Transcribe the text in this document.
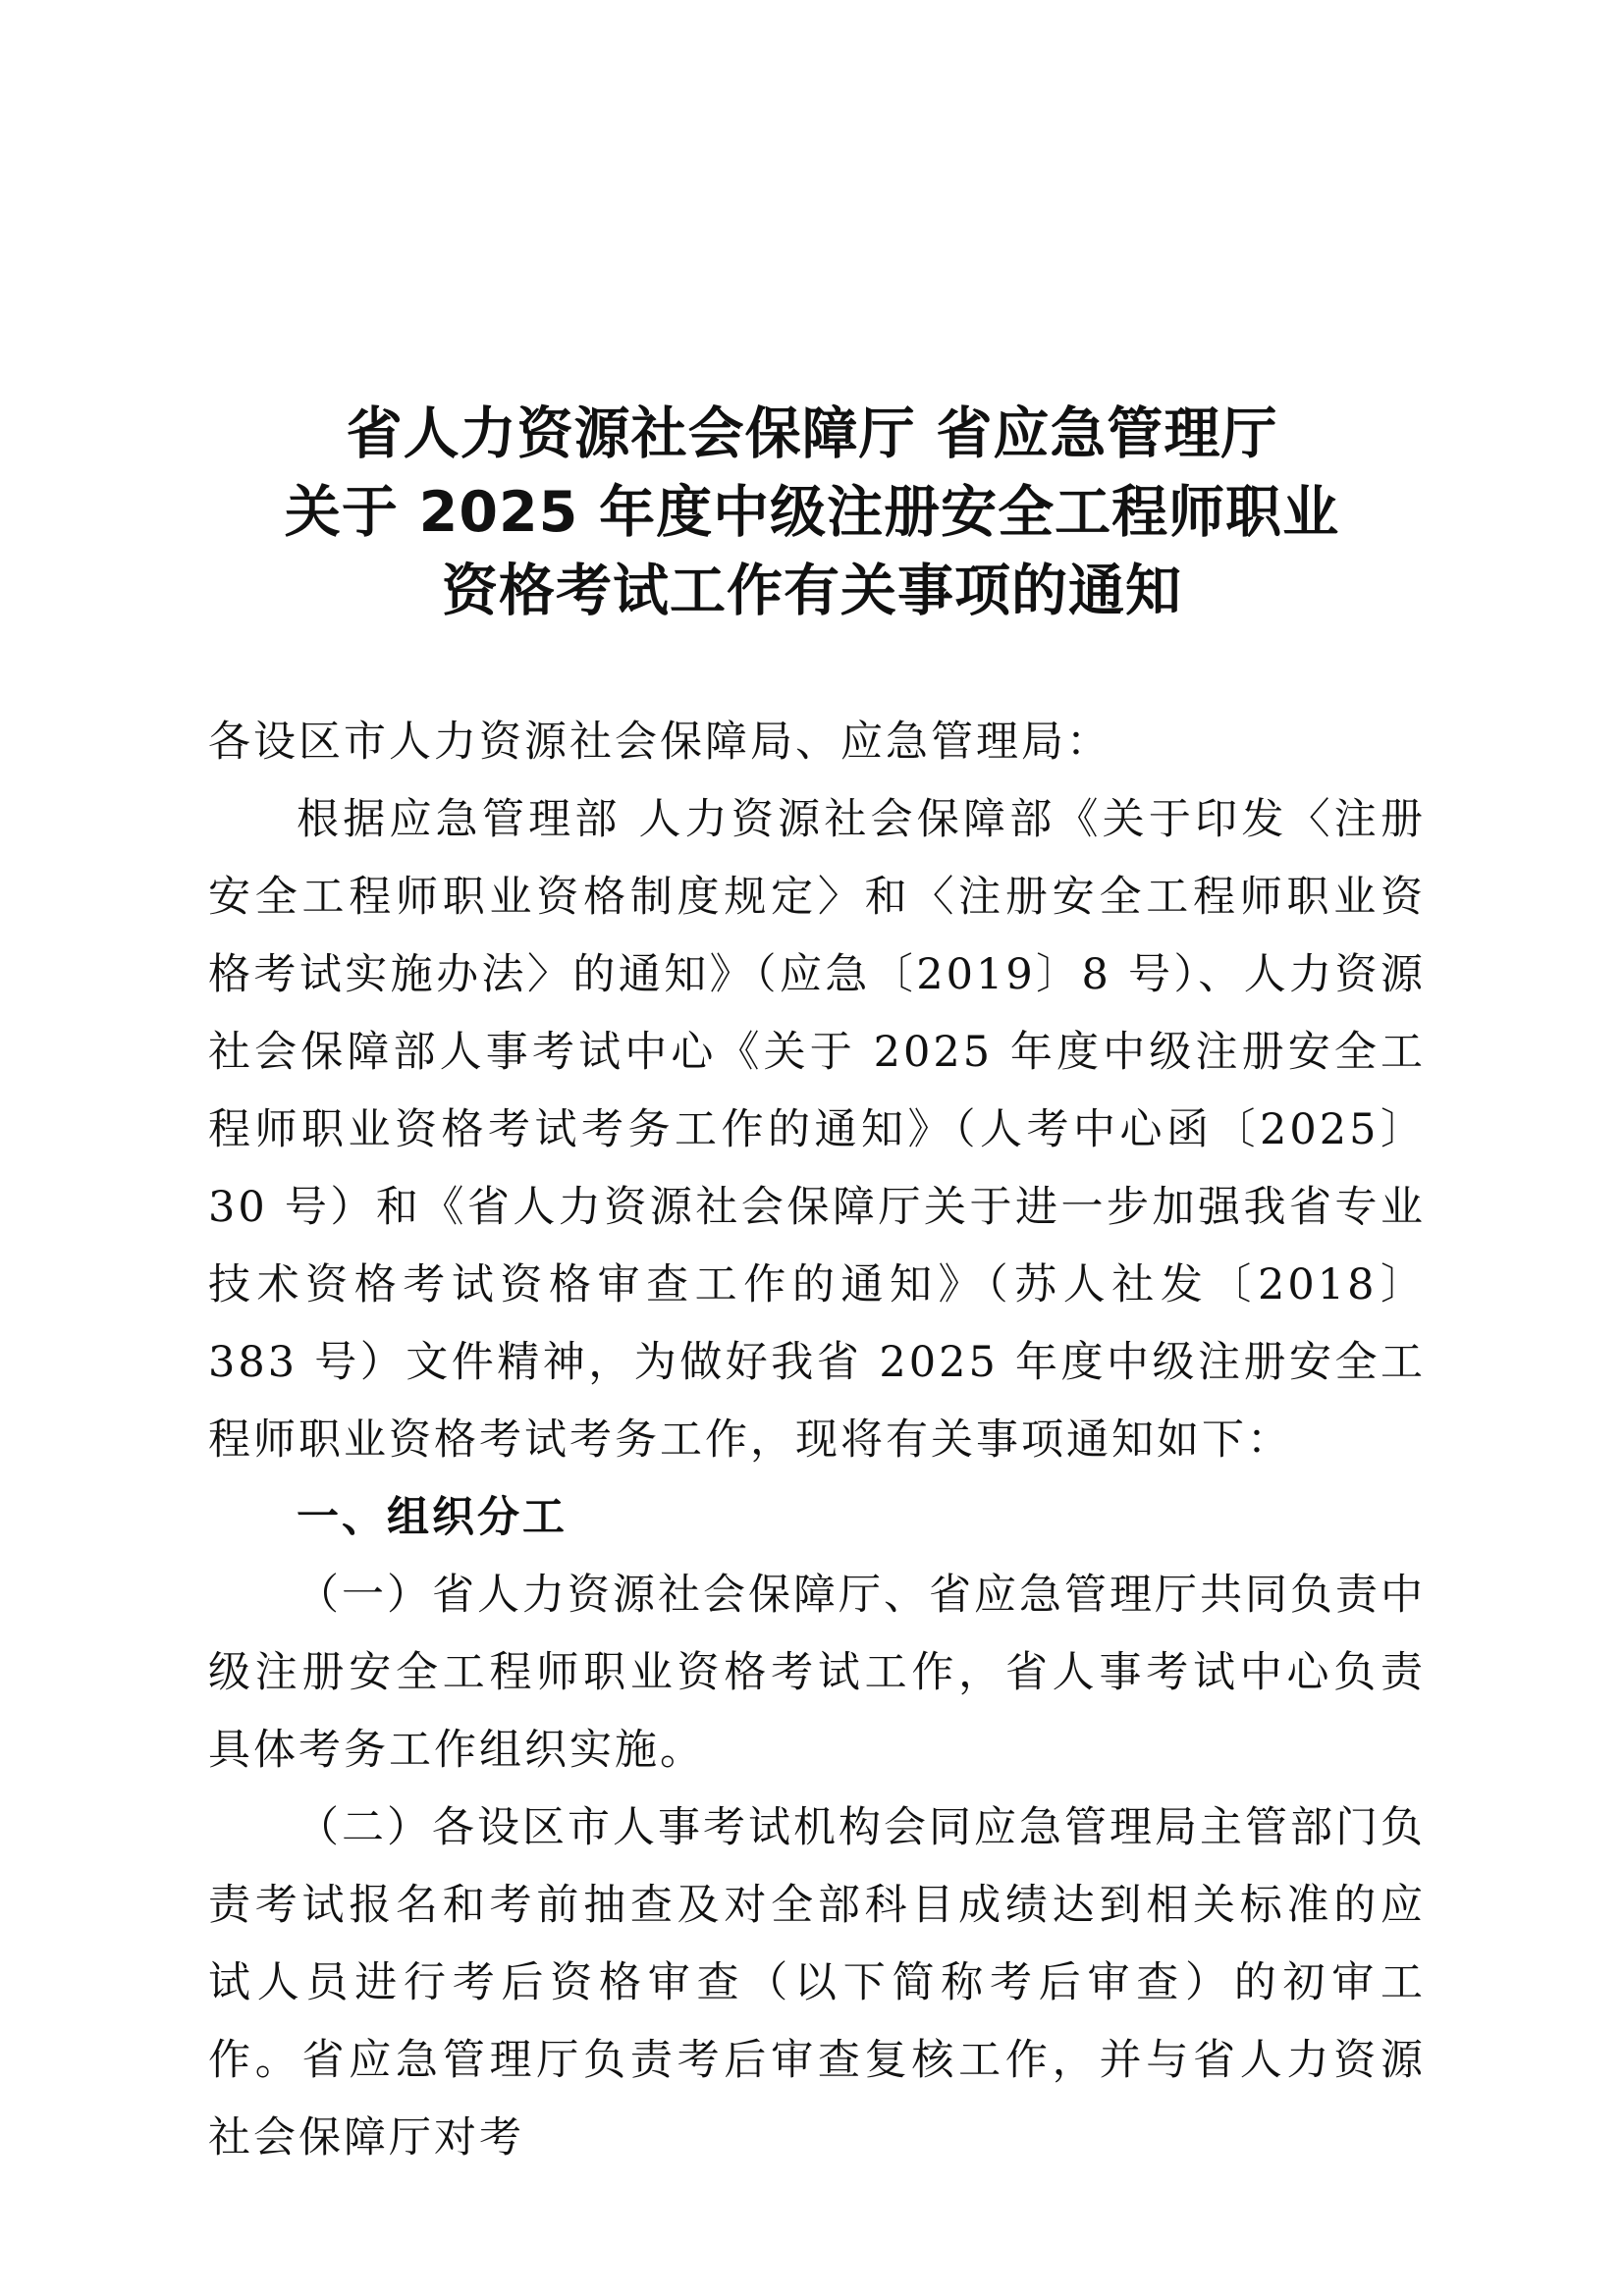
省人力资源社会保障厅 省应急管理厅
关于 2025 年度中级注册安全工程师职业
资格考试工作有关事项的通知

各设区市人力资源社会保障局、应急管理局：

根据应急管理部 人力资源社会保障部《关于印发〈注册安全工程师职业资格制度规定〉和〈注册安全工程师职业资格考试实施办法〉的通知》（应急〔2019〕8 号）、人力资源社会保障部人事考试中心《关于 2025 年度中级注册安全工程师职业资格考试考务工作的通知》（人考中心函〔2025〕30 号）和《省人力资源社会保障厅关于进一步加强我省专业技术资格考试资格审查工作的通知》（苏人社发〔2018〕383 号）文件精神，为做好我省 2025 年度中级注册安全工程师职业资格考试考务工作，现将有关事项通知如下：

一、组织分工

（一）省人力资源社会保障厅、省应急管理厅共同负责中级注册安全工程师职业资格考试工作，省人事考试中心负责具体考务工作组织实施。

（二）各设区市人事考试机构会同应急管理局主管部门负责考试报名和考前抽查及对全部科目成绩达到相关标准的应试人员进行考后资格审查（以下简称考后审查）的初审工作。省应急管理厅负责考后审查复核工作，并与省人力资源社会保障厅对考
